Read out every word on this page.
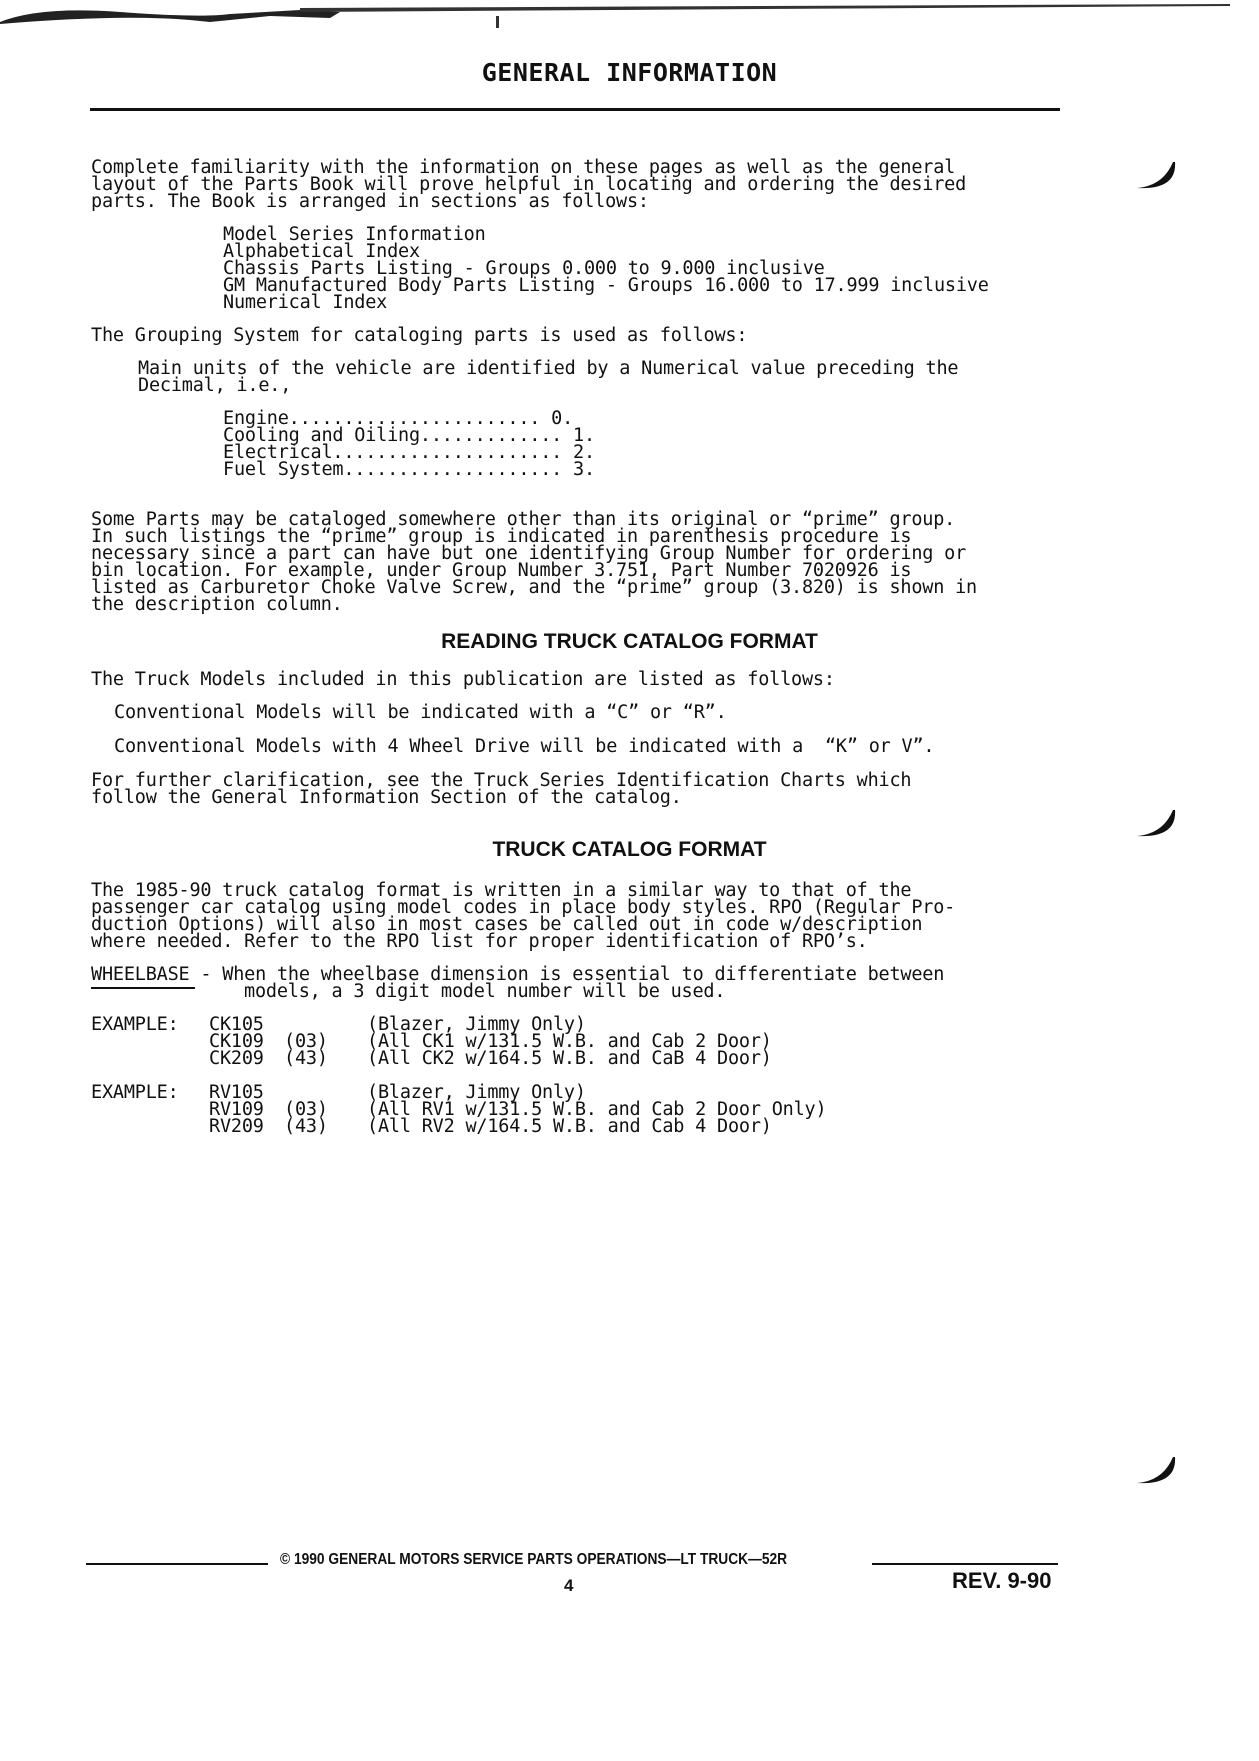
GENERAL INFORMATION
Complete familiarity with the information on these pages as well as the general
layout of the Parts Book will prove helpful in locating and ordering the desired
parts. The Book is arranged in sections as follows:
Model Series Information
Alphabetical Index
Chassis Parts Listing - Groups 0.000 to 9.000 inclusive
GM Manufactured Body Parts Listing - Groups 16.000 to 17.999 inclusive
Numerical Index
The Grouping System for cataloging parts is used as follows:
Main units of the vehicle are identified by a Numerical value preceding the
Decimal, i.e.,
Engine....................... 0.
Cooling and Oiling............. 1.
Electrical..................... 2.
Fuel System.................... 3.
Some Parts may be cataloged somewhere other than its original or “prime” group.
In such listings the “prime” group is indicated in parenthesis procedure is
necessary since a part can have but one identifying Group Number for ordering or
bin location. For example, under Group Number 3.751, Part Number 7020926 is
listed as Carburetor Choke Valve Screw, and the “prime” group (3.820) is shown in
the description column.
READING TRUCK CATALOG FORMAT
The Truck Models included in this publication are listed as follows:
Conventional Models will be indicated with a “C” or “R”.
Conventional Models with 4 Wheel Drive will be indicated with a  “K” or V”.
For further clarification, see the Truck Series Identification Charts which
follow the General Information Section of the catalog.
TRUCK CATALOG FORMAT
The 1985-90 truck catalog format is written in a similar way to that of the
passenger car catalog using model codes in place body styles. RPO (Regular Pro-
duction Options) will also in most cases be called out in code w/description
where needed. Refer to the RPO list for proper identification of RPO’s.
WHEELBASE - When the wheelbase dimension is essential to differentiate between
models, a 3 digit model number will be used.
EXAMPLE: CK105	(Blazer, Jimmy Only)
CK109 (03) (All CK1 w/131.5 W.B. and Cab 2 Door)
CK209 (43) (All CK2 w/164.5 W.B. and CaB 4 Door)
EXAMPLE: RV105	(Blazer, Jimmy Only)
RV109 (03) (All RV1 w/131.5 W.B. and Cab 2 Door Only)
RV209 (43) (All RV2 w/164.5 W.B. and Cab 4 Door)
© 1990 GENERAL MOTORS SERVICE PARTS OPERATIONS—LT TRUCK—52R
4	REV. 9-90
